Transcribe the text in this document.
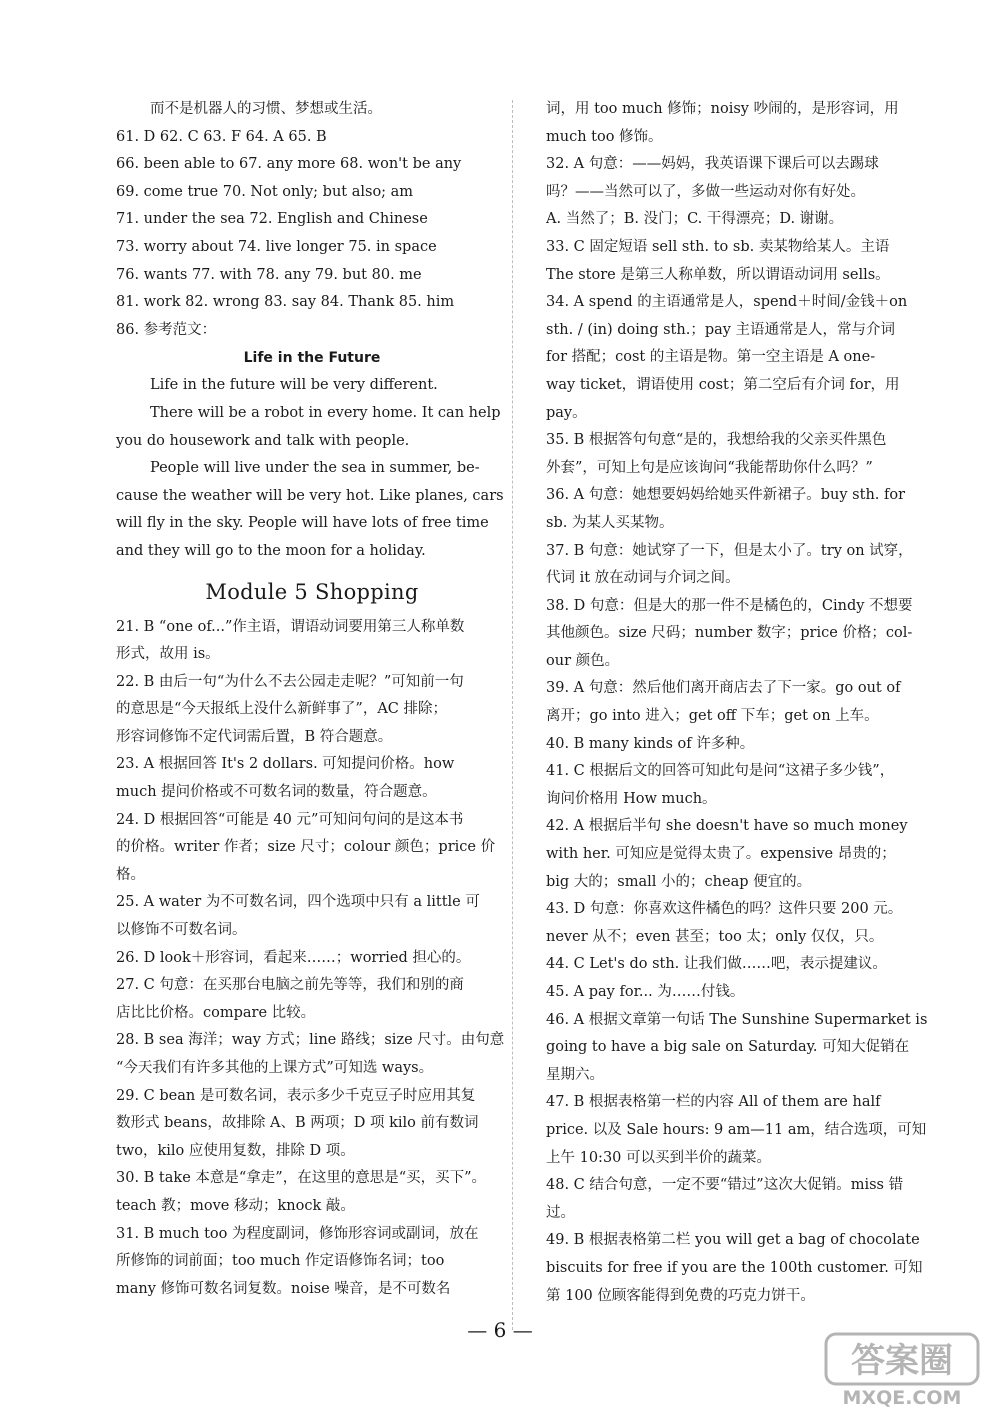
而不是机器人的习惯、梦想或生活。
61. D 62. C 63. F 64. A 65. B
66. been able to 67. any more 68. won't be any
69. come true 70. Not only; but also; am
71. under the sea 72. English and Chinese
73. worry about 74. live longer 75. in space
76. wants 77. with 78. any 79. but 80. me
81. work 82. wrong 83. say 84. Thank 85. him
86. 参考范文：
Life in the Future
Life in the future will be very different.
There will be a robot in every home. It can help
you do housework and talk with people.
People will live under the sea in summer, be-
cause the weather will be very hot. Like planes, cars
will fly in the sky. People will have lots of free time
and they will go to the moon for a holiday.
Module 5 Shopping
21. B “one of...”作主语，谓语动词要用第三人称单数
形式，故用 is。
22. B 由后一句“为什么不去公园走走呢？”可知前一句
的意思是“今天报纸上没什么新鲜事了”，AC 排除；
形容词修饰不定代词需后置，B 符合题意。
23. A 根据回答 It's 2 dollars. 可知提问价格。how
much 提问价格或不可数名词的数量，符合题意。
24. D 根据回答“可能是 40 元”可知问句问的是这本书
的价格。writer 作者；size 尺寸；colour 颜色；price 价
格。
25. A water 为不可数名词，四个选项中只有 a little 可
以修饰不可数名词。
26. D look＋形容词，看起来……；worried 担心的。
27. C 句意：在买那台电脑之前先等等，我们和别的商
店比比价格。compare 比较。
28. B sea 海洋；way 方式；line 路线；size 尺寸。由句意
“今天我们有许多其他的上课方式”可知选 ways。
29. C bean 是可数名词，表示多少千克豆子时应用其复
数形式 beans，故排除 A、B 两项；D 项 kilo 前有数词
two，kilo 应使用复数，排除 D 项。
30. B take 本意是“拿走”，在这里的意思是“买，买下”。
teach 教；move 移动；knock 敲。
31. B much too 为程度副词，修饰形容词或副词，放在
所修饰的词前面；too much 作定语修饰名词；too
many 修饰可数名词复数。noise 噪音，是不可数名
词，用 too much 修饰；noisy 吵闹的，是形容词，用
much too 修饰。
32. A 句意：——妈妈，我英语课下课后可以去踢球
吗？——当然可以了，多做一些运动对你有好处。
A. 当然了；B. 没门；C. 干得漂亮；D. 谢谢。
33. C 固定短语 sell sth. to sb. 卖某物给某人。主语
The store 是第三人称单数，所以谓语动词用 sells。
34. A spend 的主语通常是人，spend＋时间/金钱＋on
sth. / (in) doing sth.；pay 主语通常是人，常与介词
for 搭配；cost 的主语是物。第一空主语是 A one-
way ticket，谓语使用 cost；第二空后有介词 for，用
pay。
35. B 根据答句句意“是的，我想给我的父亲买件黑色
外套”，可知上句是应该询问“我能帮助你什么吗？”
36. A 句意：她想要妈妈给她买件新裙子。buy sth. for
sb. 为某人买某物。
37. B 句意：她试穿了一下，但是太小了。try on 试穿，
代词 it 放在动词与介词之间。
38. D 句意：但是大的那一件不是橘色的，Cindy 不想要
其他颜色。size 尺码；number 数字；price 价格；col-
our 颜色。
39. A 句意：然后他们离开商店去了下一家。go out of
离开；go into 进入；get off 下车；get on 上车。
40. B many kinds of 许多种。
41. C 根据后文的回答可知此句是问“这裙子多少钱”，
询问价格用 How much。
42. A 根据后半句 she doesn't have so much money
with her. 可知应是觉得太贵了。expensive 昂贵的；
big 大的；small 小的；cheap 便宜的。
43. D 句意：你喜欢这件橘色的吗？这件只要 200 元。
never 从不；even 甚至；too 太；only 仅仅，只。
44. C Let's do sth. 让我们做……吧，表示提建议。
45. A pay for... 为……付钱。
46. A 根据文章第一句话 The Sunshine Supermarket is
going to have a big sale on Saturday. 可知大促销在
星期六。
47. B 根据表格第一栏的内容 All of them are half
price. 以及 Sale hours: 9 am—11 am，结合选项，可知
上午 10:30 可以买到半价的蔬菜。
48. C 结合句意，一定不要“错过”这次大促销。miss 错
过。
49. B 根据表格第二栏 you will get a bag of chocolate
biscuits for free if you are the 100th customer. 可知
第 100 位顾客能得到免费的巧克力饼干。
— 6 —
答案圈
MXQE.COM
